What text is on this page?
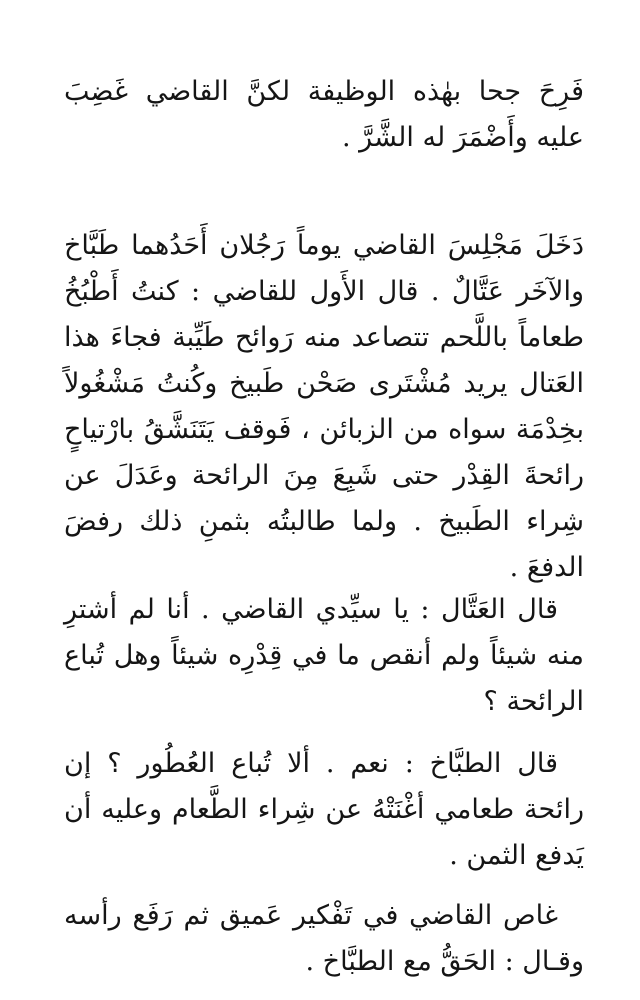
فَرِحَ جحا بهٰذه الوظيفة لكنَّ القاضي غَضِبَ عليه وأَضْمَرَ له الشَّرَّ .

دَخَلَ مَجْلِسَ القاضي يوماً رَجُلان أَحَدُهما طَبَّاخ والآخَر عَتَّالٌ . قال الأَول للقاضي : كنتُ أَطْبُخُ طعاماً باللَّحم تتصاعد منه رَوائح طَيِّبة فجاءَ هذا العَتال يريد مُشْتَرى صَحْن طَبيخ وكُنتُ مَشْغُولاً بخِدْمَة سواه من الزبائن ، فَوقف يَتَنَشَّقُ بارْتياحٍ رائحةَ القِدْر حتى شَبِعَ مِنَ الرائحة وعَدَلَ عن شِراء الطَبيخ . ولما طالبتُه بثمنِ ذلك رفضَ الدفعَ .

قال العَتَّال : يا سيِّدي القاضي . أنا لم أشترِ منه شيئاً ولم أنقص ما في قِدْرِه شيئاً وهل تُباع الرائحة ؟

قال الطبَّاخ : نعم . ألا تُباع العُطُور ؟ إن رائحة طعامي أغْنَتْهُ عن شِراء الطَّعام وعليه أن يَدفع الثمن .

غاص القاضي في تَفْكير عَميق ثم رَفَع رأسه وقـال : الحَقُّ مع الطبَّاخ .
